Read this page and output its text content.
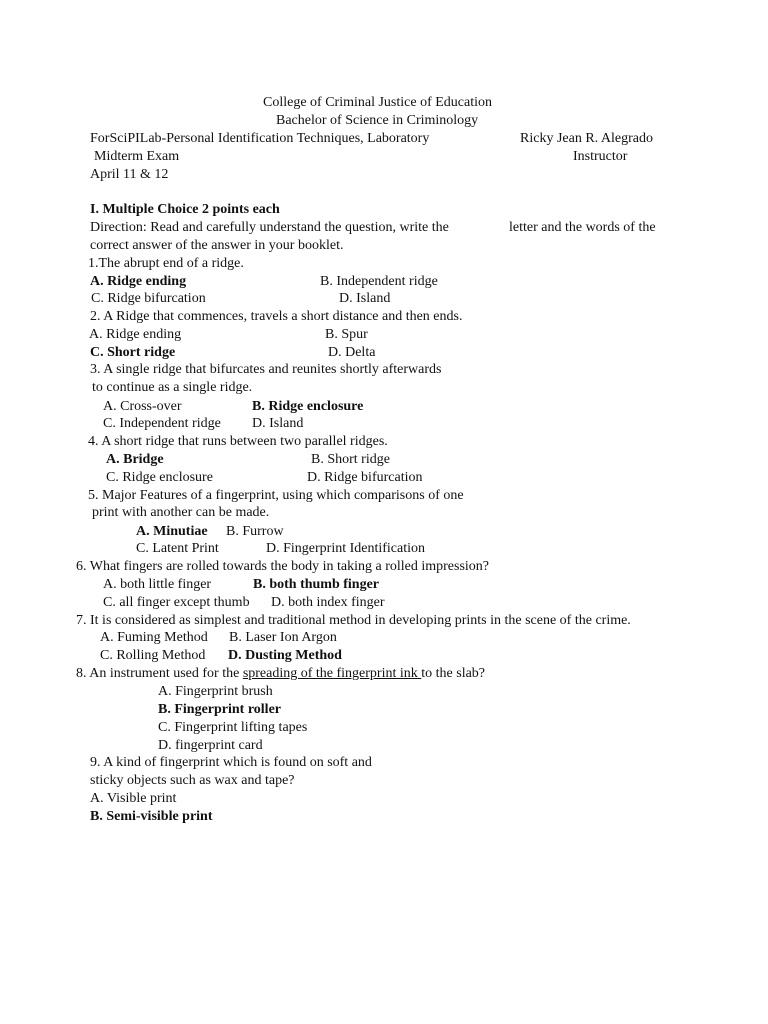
College of Criminal Justice of Education
Bachelor of Science in Criminology
ForSciPILab-Personal Identification Techniques, Laboratory	Ricky Jean R. Alegrado
Midterm Exam	Instructor
April 11 & 12
I. Multiple Choice 2 points each
Direction: Read and carefully understand the question, write the	letter and the words of the
correct answer of the answer in your booklet.
1.The abrupt end of a ridge.
A. Ridge ending	B. Independent ridge
C. Ridge bifurcation	D. Island
2. A Ridge that commences, travels a short distance and then ends.
A. Ridge ending	B. Spur
C. Short ridge	D. Delta
3. A single ridge that bifurcates and reunites shortly afterwards
to continue as a single ridge.
A. Cross-over	B. Ridge enclosure
C. Independent ridge D. Island
4. A short ridge that runs between two parallel ridges.
A. Bridge	B. Short ridge
C. Ridge enclosure	D. Ridge bifurcation
5. Major Features of a fingerprint, using which comparisons of one
print with another can be made.
A. Minutiae B. Furrow
C. Latent Print	D. Fingerprint Identification
6. What fingers are rolled towards the body in taking a rolled impression?
A. both little finger	B. both thumb finger
C. all finger except thumb D. both index finger
7. It is considered as simplest and traditional method in developing prints in the scene of the crime.
A. Fuming Method B. Laser Ion Argon
C. Rolling Method D. Dusting Method
8. An instrument used for the spreading of the fingerprint ink to the slab?
A. Fingerprint brush
B. Fingerprint roller
C. Fingerprint lifting tapes
D. fingerprint card
9. A kind of fingerprint which is found on soft and
sticky objects such as wax and tape?
A. Visible print
B. Semi-visible print
